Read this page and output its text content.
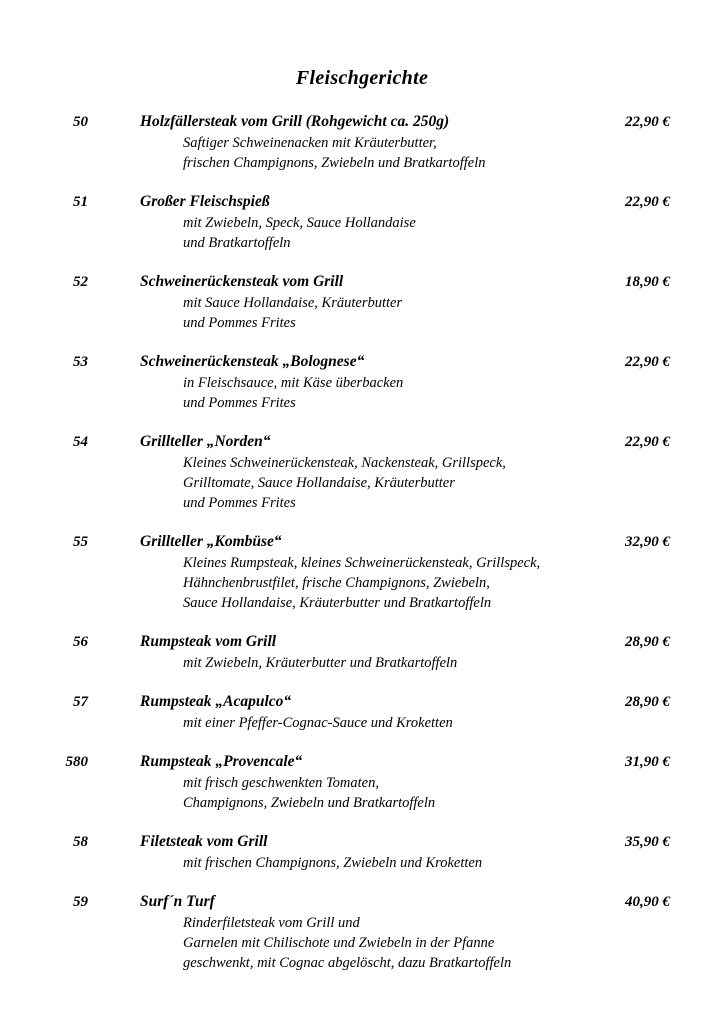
Fleischgerichte
50	Holzfällersteak vom Grill (Rohgewicht ca. 250g)
Saftiger Schweinenacken mit Kräuterbutter,
frischen Champignons, Zwiebeln und Bratkartoffeln
22,90 €
51	Großer Fleischspieß
mit Zwiebeln, Speck, Sauce Hollandaise
und Bratkartoffeln
22,90 €
52	Schweinerückensteak vom Grill
mit Sauce Hollandaise, Kräuterbutter
und Pommes Frites
18,90 €
53	Schweinerückensteak „Bolognese“
in Fleischsauce, mit Käse überbacken
und Pommes Frites
22,90 €
54	Grillteller „Norden“
Kleines Schweinerückensteak, Nackensteak, Grillspeck,
Grilltomate, Sauce Hollandaise, Kräuterbutter
und Pommes Frites
22,90 €
55	Grillteller „Kombüse“
Kleines Rumpsteak, kleines Schweinerückensteak, Grillspeck,
Hähnchenbrustfilet, frische Champignons, Zwiebeln,
Sauce Hollandaise, Kräuterbutter und Bratkartoffeln
32,90 €
56	Rumpsteak vom Grill
mit Zwiebeln, Kräuterbutter und Bratkartoffeln
28,90 €
57	Rumpsteak „Acapulco“
mit einer Pfeffer-Cognac-Sauce und Kroketten
28,90 €
580	Rumpsteak „Provencale“
mit frisch geschwenkten Tomaten,
Champignons, Zwiebeln und Bratkartoffeln
31,90 €
58	Filetsteak vom Grill
mit frischen Champignons, Zwiebeln und Kroketten
35,90 €
59	Surf´n Turf
Rinderfiletsteak vom Grill und
Garnelen mit Chilischote und Zwiebeln in der Pfanne
geschwenkt, mit Cognac abgelöscht, dazu Bratkartoffeln
40,90 €
